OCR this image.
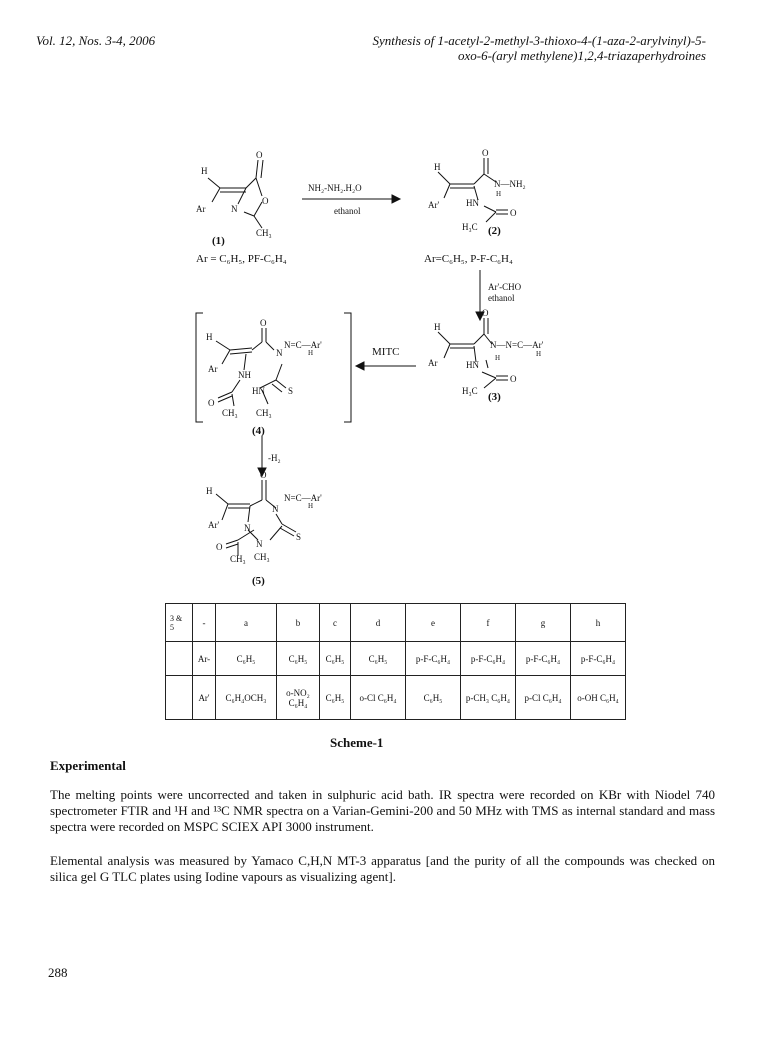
Vol. 12, Nos. 3-4, 2006	Synthesis of 1-acetyl-2-methyl-3-thioxo-4-(1-aza-2-arylvinyl)-5-
oxo-6-(aryl methylene)1,2,4-triazaperhydroines
H
Ar
O
O
N
CH₃
(1)
Ar = C₆H₅, PF-C₆H₄
NH₂-NH₂.H₂O
ethanol
H
Ar'
O
N—NH₂
H
HN
O
H₃C (2)
Ar=C₆H₅, P-F-C₆H₄
Ar'-CHO
ethanol
H
Ar
O
N—N=C—Ar'
H
H
HN
O
H₃C (3)
MITC
H
Ar
O
N
N=C—Ar'
H
NH
HN	S
O
CH₃ CH₃
(4)
-H₂
H
Ar'
O
N
N=C—Ar'
H
N
N
S
O
CH₃ CH₃
(5)
3 & 5	-	a	b	c	d	e	f	g	h
	Ar-	C₆H₅	C₆H₅	C₆H₅	C₆H₅	p-F-C₆H₄	p-F-C₆H₄	p-F-C₆H₄	p-F-C₆H₄
	Ar'	C₆H₄OCH₃	o-NO₂ C₆H₄	C₆H₅	o-Cl C₆H₄	C₆H₅	p-CH₃ C₆H₄	p-Cl C₆H₄	o-OH C₆H₄
Scheme-1
Experimental
The melting points were uncorrected and taken in sulphuric acid bath. IR spectra were recorded on KBr with Niodel 740 spectrometer FTIR and ¹H and ¹³C NMR spectra on a Varian-Gemini-200 and 50 MHz with TMS as internal standard and mass spectra were recorded on MSPC SCIEX API 3000 instrument.
Elemental analysis was measured by Yamaco C,H,N MT-3 apparatus [and the purity of all the compounds was checked on silica gel G TLC plates using Iodine vapours as visualizing agent].
288
